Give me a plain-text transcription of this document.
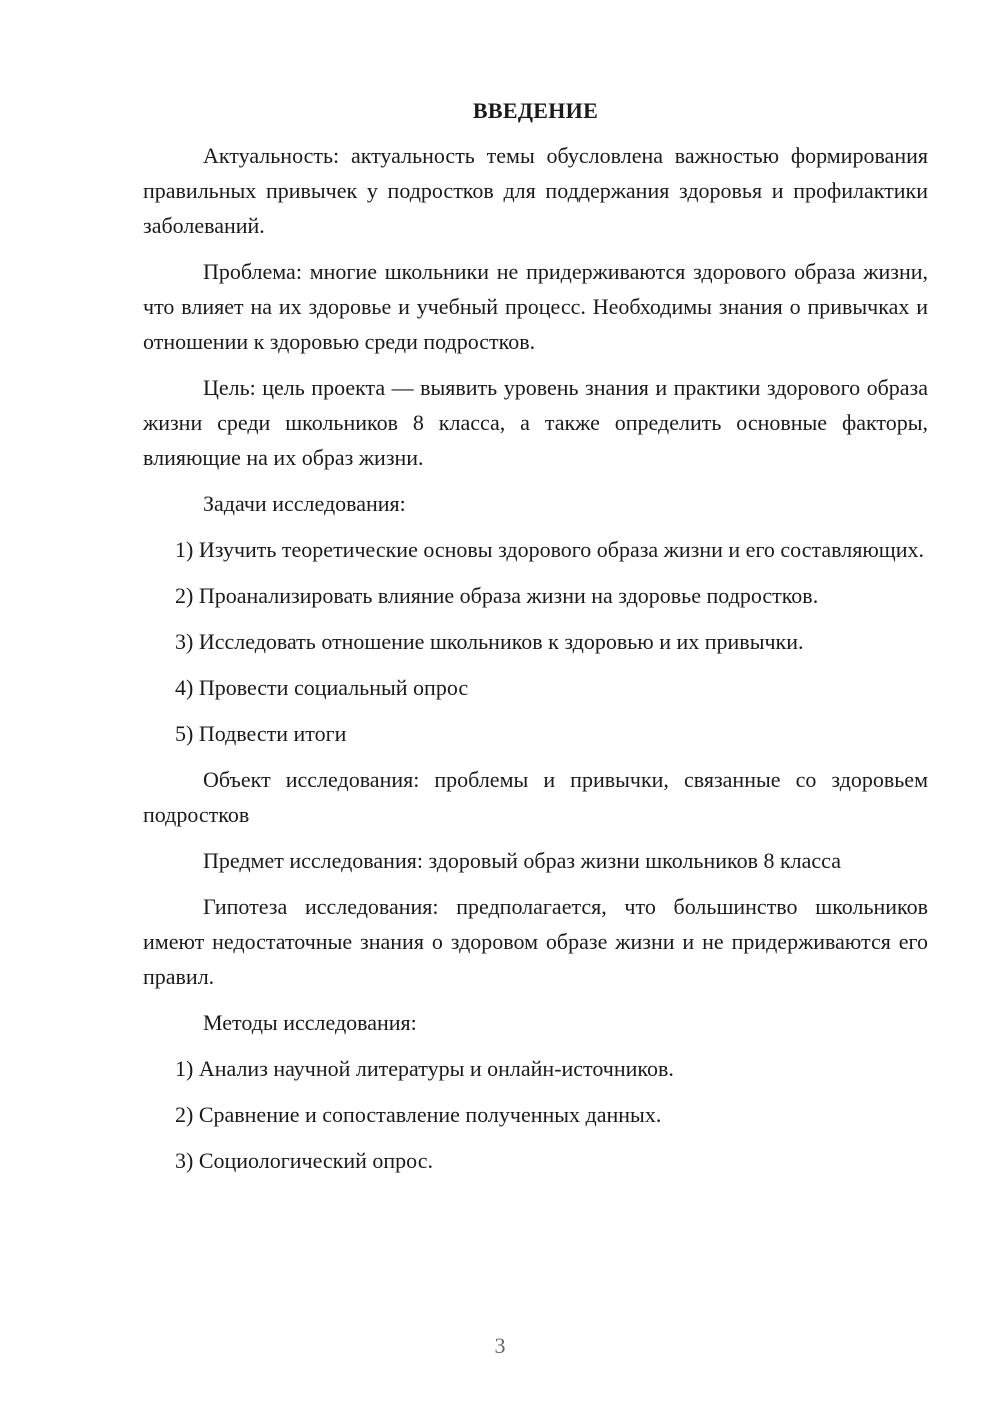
ВВЕДЕНИЕ

Актуальность: актуальность темы обусловлена важностью формирования правильных привычек у подростков для поддержания здоровья и профилактики заболеваний.

Проблема: многие школьники не придерживаются здорового образа жизни, что влияет на их здоровье и учебный процесс. Необходимы знания о привычках и отношении к здоровью среди подростков.

Цель: цель проекта — выявить уровень знания и практики здорового образа жизни среди школьников 8 класса, а также определить основные факторы, влияющие на их образ жизни.

Задачи исследования:

1) Изучить теоретические основы здорового образа жизни и его составляющих.

2) Проанализировать влияние образа жизни на здоровье подростков.

3) Исследовать отношение школьников к здоровью и их привычки.

4) Провести социальный опрос

5) Подвести итоги

Объект исследования: проблемы и привычки, связанные со здоровьем подростков

Предмет исследования: здоровый образ жизни школьников 8 класса

Гипотеза исследования: предполагается, что большинство школьников имеют недостаточные знания о здоровом образе жизни и не придерживаются его правил.

Методы исследования:

1) Анализ научной литературы и онлайн-источников.

2) Сравнение и сопоставление полученных данных.

3) Социологический опрос.

3
